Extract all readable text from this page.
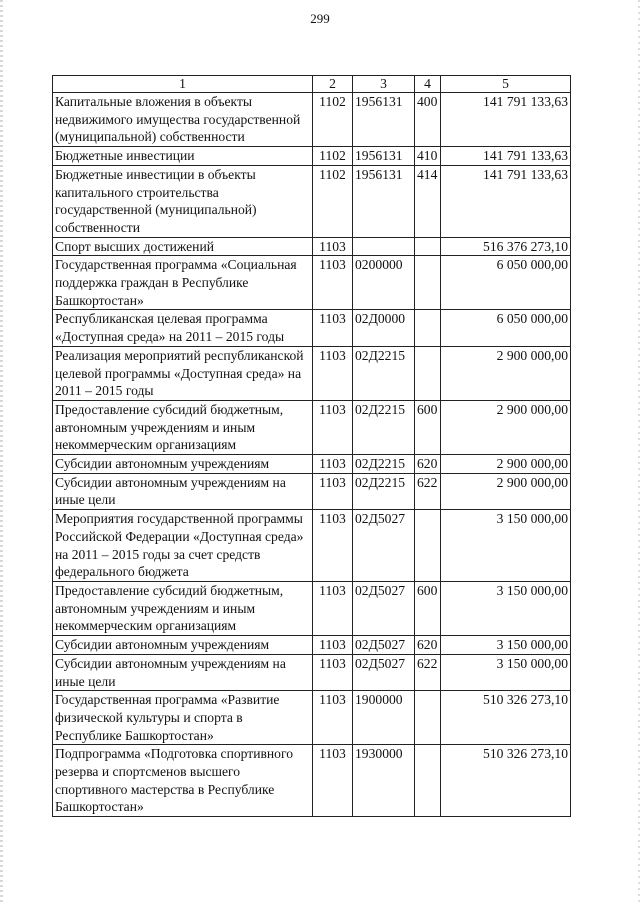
299
1	2	3	4	5
Капитальные вложения в объекты недвижимого имущества государственной (муниципальной) собственности	1102	1956131	400	141 791 133,63
Бюджетные инвестиции	1102	1956131	410	141 791 133,63
Бюджетные инвестиции в объекты капитального строительства государственной (муниципальной) собственности	1102	1956131	414	141 791 133,63
Спорт высших достижений	1103			516 376 273,10
Государственная программа «Социальная поддержка граждан в Республике Башкортостан»	1103	0200000		6 050 000,00
Республиканская целевая программа «Доступная среда» на 2011 – 2015 годы	1103	02Д0000		6 050 000,00
Реализация мероприятий республиканской целевой программы «Доступная среда» на 2011 – 2015 годы	1103	02Д2215		2 900 000,00
Предоставление субсидий бюджетным, автономным учреждениям и иным некоммерческим организациям	1103	02Д2215	600	2 900 000,00
Субсидии автономным учреждениям	1103	02Д2215	620	2 900 000,00
Субсидии автономным учреждениям на иные цели	1103	02Д2215	622	2 900 000,00
Мероприятия государственной программы Российской Федерации «Доступная среда» на 2011 – 2015 годы за счет средств федерального бюджета	1103	02Д5027		3 150 000,00
Предоставление субсидий бюджетным, автономным учреждениям и иным некоммерческим организациям	1103	02Д5027	600	3 150 000,00
Субсидии автономным учреждениям	1103	02Д5027	620	3 150 000,00
Субсидии автономным учреждениям на иные цели	1103	02Д5027	622	3 150 000,00
Государственная программа «Развитие физической культуры и спорта в Республике Башкортостан»	1103	1900000		510 326 273,10
Подпрограмма «Подготовка спортивного резерва и спортсменов высшего спортивного мастерства в Республике Башкортостан»	1103	1930000		510 326 273,10
